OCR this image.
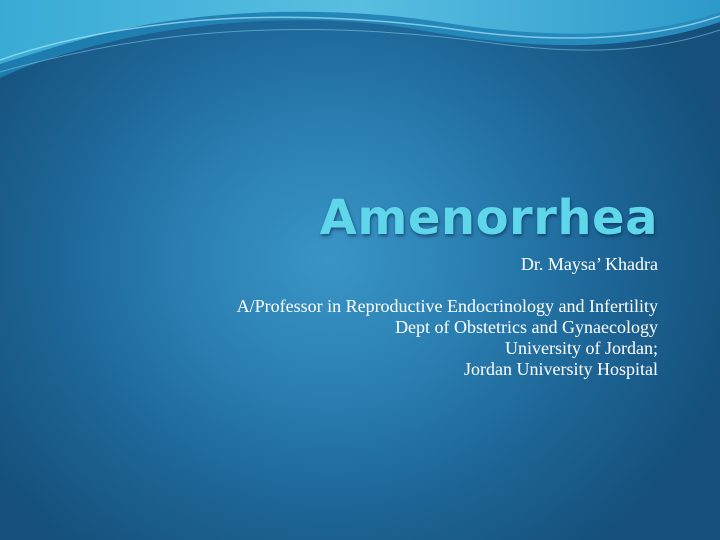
Amenorrhea
Dr. Maysa’ Khadra
A/Professor in Reproductive Endocrinology and Infertility
Dept of Obstetrics and Gynaecology
University of Jordan;
Jordan University Hospital
